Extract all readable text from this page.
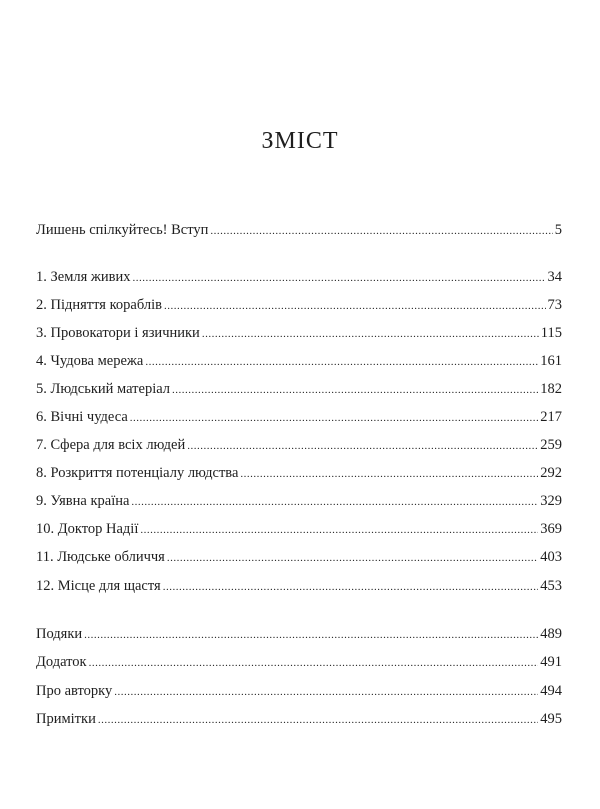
ЗМІСТ
Лишень спілкуйтесь! Вступ .....	5
1. Земля живих .....	34
2. Підняття кораблів .....	73
3. Провокатори і язичники .....	115
4. Чудова мережа .....	161
5. Людський матеріал .....	182
6. Вічні чудеса .....	217
7. Сфера для всіх людей .....	259
8. Розкриття потенціалу людства .....	292
9. Уявна країна .....	329
10. Доктор Надії .....	369
11. Людське обличчя .....	403
12. Місце для щастя .....	453
Подяки .....	489
Додаток .....	491
Про авторку .....	494
Примітки .....	495
